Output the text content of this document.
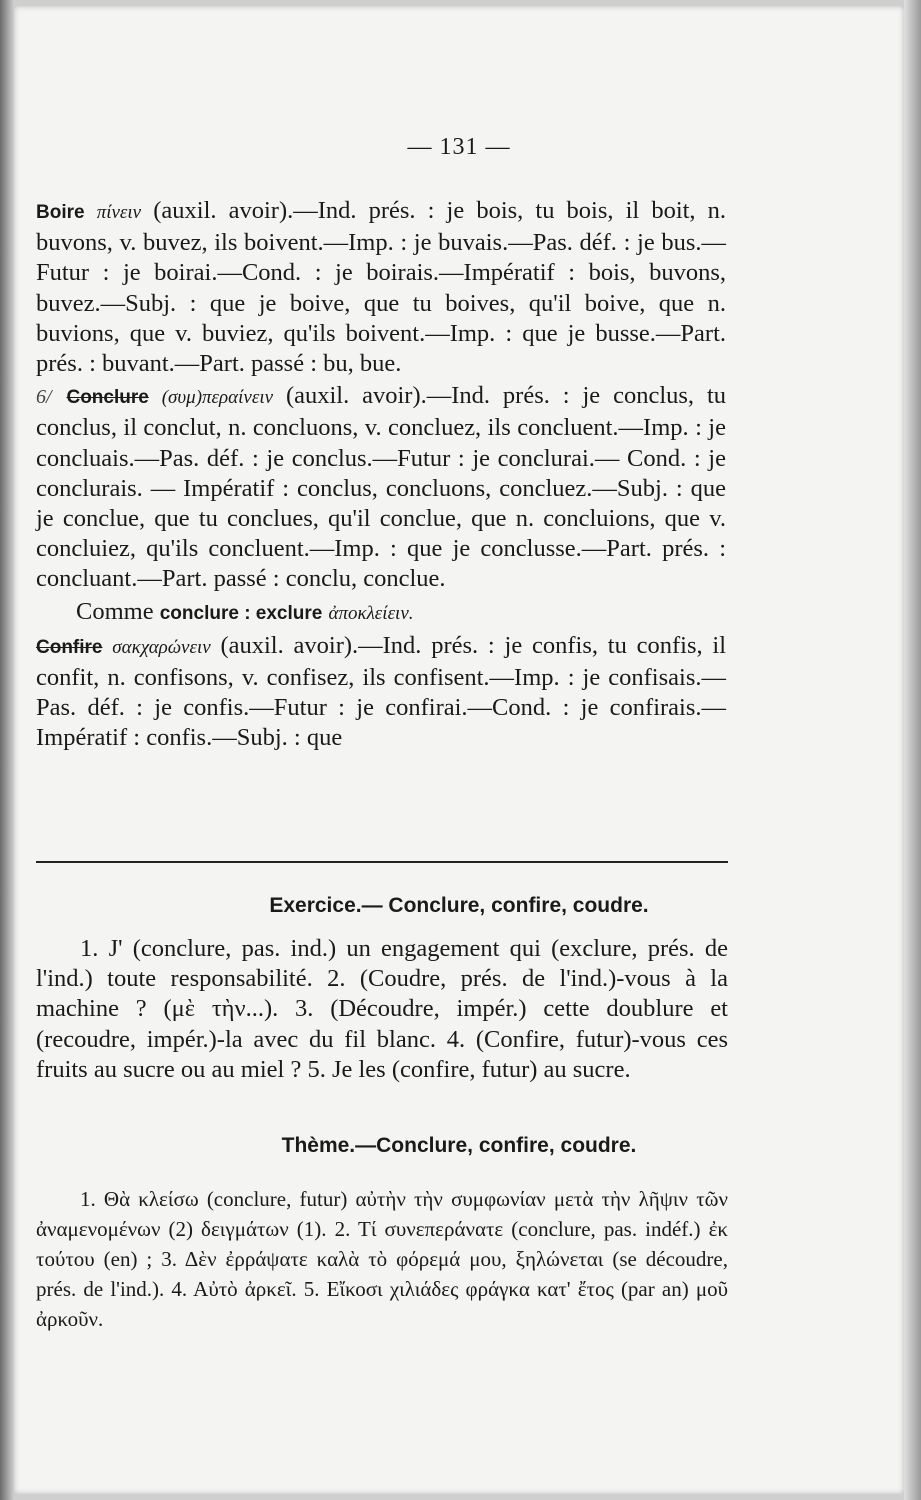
— 131 —
Boire πίνειν (auxil. avoir).—Ind. prés. : je bois, tu bois, il boit, n. buvons, v. buvez, ils boivent.—Imp. : je buvais.—Pas. déf. : je bus.—Futur : je boirai.—Cond. : je boirais.—Impératif : bois, buvons, buvez.—Subj. : que je boive, que tu boives, qu'il boive, que n. buvions, que v. buviez, qu'ils boivent.—Imp. : que je busse.—Part. prés. : buvant.—Part. passé : bu, bue.
6/ Conclure (συμ)περαίνειν (auxil. avoir).—Ind. prés. : je conclus, tu conclus, il conclut, n. concluons, v. concluez, ils concluent.—Imp. : je concluais.—Pas. déf. : je conclus.—Futur : je conclurai.— Cond. : je conclurais. — Impératif : conclus, concluons, concluez.—Subj. : que je conclue, que tu conclues, qu'il conclue, que n. concluions, que v. concluiez, qu'ils concluent.—Imp. : que je conclusse.—Part. prés. : concluant.—Part. passé : conclu, conclue.
Comme conclure : exclure ἀποκλείειν.
Confire σακχαρώνειν (auxil. avoir).—Ind. prés. : je confis, tu confis, il confit, n. confisons, v. confisez, ils confisent.—Imp. : je confisais.—Pas. déf. : je confis.—Futur : je confirai.—Cond. : je confirais.—Impératif : confis.—Subj. : que
Exercice.— Conclure, confire, coudre.
1. J' (conclure, pas. ind.) un engagement qui (exclure, prés. de l'ind.) toute responsabilité. 2. (Coudre, prés. de l'ind.)-vous à la machine ? (μὲ τὴν...). 3. (Découdre, impér.) cette doublure et (recoudre, impér.)-la avec du fil blanc. 4. (Confire, futur)-vous ces fruits au sucre ou au miel ? 5. Je les (confire, futur) au sucre.
Thème.—Conclure, confire, coudre.
1. Θὰ κλείσω (conclure, futur) αὐτὴν τὴν συμφωνίαν μετὰ τὴν λῆψιν τῶν ἀναμενομένων (2) δειγμάτων (1). 2. Τί συνεπεράνατε (conclure, pas. indéf.) ἐκ τούτου (en) ; 3. Δὲν ἐρράψατε καλὰ τὸ φόρεμά μου, ξηλώνεται (se découdre, prés. de l'ind.). 4. Αὐτὸ ἀρκεῖ. 5. Εἴκοσι χιλιάδες φράγκα κατ' ἔτος (par an) μοῦ ἀρκοῦν.
